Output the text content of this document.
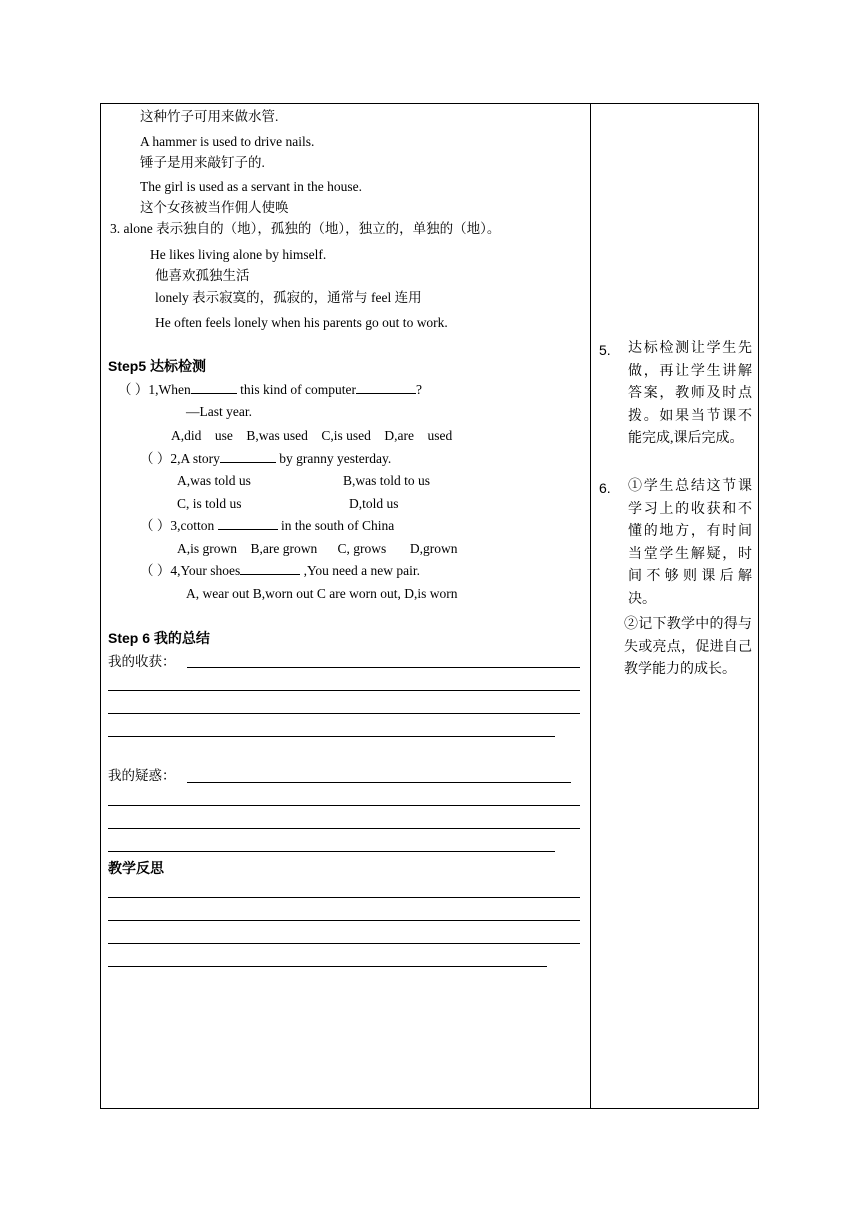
这种竹子可用来做水管.
A hammer is used to drive nails.
锤子是用来敲钉子的.
The girl is used as a servant in the house.
这个女孩被当作佣人使唤
3. alone 表示独自的（地），孤独的（地），独立的，单独的（地）。
He likes living alone by himself.
他喜欢孤独生活
lonely 表示寂寞的，孤寂的，通常与 feel 连用
He often feels lonely when his parents go out to work.
Step5 达标检测
（ ）1,When	this kind of computer	?
—Last year.
A,did    use    B,was used    C,is used    D,are    used
（ ）2,A story	by granny yesterday.
A,was told us	B,was told to us
C, is told us	D,told us
（ ）3,cotton	in the south of China
A,is grown    B,are grown      C, grows       D,grown
（ ）4,Your shoes	,You need a new pair.
A, wear out B,worn out C are worn out, D,is worn
Step 6 我的总结
我的收获：
我的疑惑：
教学反思
5. 达标检测让学生先做，再让学生讲解答案，教师及时点拨。如果当节课不能完成,课后完成。
6. ①学生总结这节课学习上的收获和不懂的地方，有时间当堂学生解疑，时间不够则课后解决。
②记下教学中的得与失或亮点，促进自己教学能力的成长。
